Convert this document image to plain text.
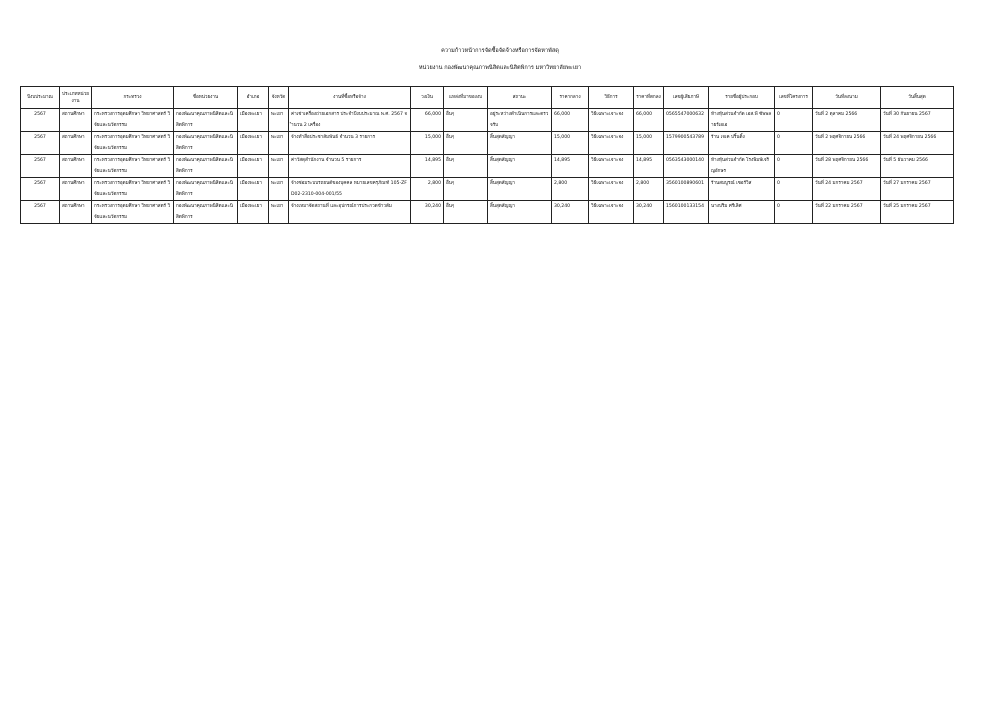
ความก้าวหน้าการจัดซื้อจัดจ้างหรือการจัดหาพัสดุ
หน่วยงาน กองพัฒนาคุณภาพนิสิตและนิสิตพิการ มหาวิทยาลัยพะเยา
ปีงบประมาณ	ประเภทหน่วยงาน	กระทรวง	ชื่อหน่วยงาน	อำเภอ	จังหวัด	งานที่ซื้อหรือจ้าง	วงเงิน	แหล่งที่มาของงบ	สถานะ	ราคากลาง	วิธีการ	ราคาที่ตกลง	เลขผู้เสียภาษี	รายชื่อผู้ประกอบ	เลขที่โครงการ	วันที่ลงนาม	วันสิ้นสุด
2567	สถานศึกษา	กระทรวงการอุดมศึกษา วิทยาศาสตร์ วิจัยและนวัตกรรม	กองพัฒนาคุณภาพนิสิตและนิสิตพิการ	เมืองพะเยา	พะเยา	ค่าเช่าเครื่องถ่ายเอกสาร ประจำปีงบประมาณ พ.ศ. 2567 จำนวน 2 เครื่อง	66,000	อื่นๆ	อยู่ระหว่างดำเนินการและตรวจรับ	66,000	วิธีเฉพาะเจาะจง	66,000	0565547000632	ห้างหุ้นส่วนจำกัด เอส.พี ซัพพลายร์เอเอ	0	วันที่ 2 ตุลาคม 2566	วันที่ 30 กันยายน 2567
2567	สถานศึกษา	กระทรวงการอุดมศึกษา วิทยาศาสตร์ วิจัยและนวัตกรรม	กองพัฒนาคุณภาพนิสิตและนิสิตพิการ	เมืองพะเยา	พะเยา	จ้างทำสื่อประชาสัมพันธ์ จำนวน 3 รายการ	15,000	อื่นๆ	สิ้นสุดสัญญา	15,000	วิธีเฉพาะเจาะจง	15,000	1579900543789	ร้าน เจเค ปริ้นติ้ง	0	วันที่ 2 พฤศจิกายน 2566	วันที่ 24 พฤศจิกายน 2566
2567	สถานศึกษา	กระทรวงการอุดมศึกษา วิทยาศาสตร์ วิจัยและนวัตกรรม	กองพัฒนาคุณภาพนิสิตและนิสิตพิการ	เมืองพะเยา	พะเยา	ค่าวัสดุสำนักงาน จำนวน 5 รายการ	14,895	อื่นๆ	สิ้นสุดสัญญา	14,895	วิธีเฉพาะเจาะจง	14,895	0563543000140	ห้างหุ้นส่วนจำกัด โรงพิมพ์เจริญอักษร	0	วันที่ 28 พฤศจิกายน 2566	วันที่ 5 ธันวาคม 2566
2567	สถานศึกษา	กระทรวงการอุดมศึกษา วิทยาศาสตร์ วิจัยและนวัตกรรม	กองพัฒนาคุณภาพนิสิตและนิสิตพิการ	เมืองพะเยา	พะเยา	จ้างซ่อมระบบรถยนต์ของบุคคล หมายเลขครุภัณฑ์ 105-ZFD02-2310-004-001/55	2,800	อื่นๆ	สิ้นสุดสัญญา	2,800	วิธีเฉพาะเจาะจง	2,800	3560100890601	ร้านสมบูรณ์ เซอร์วิส	0	วันที่ 24 มกราคม 2567	วันที่ 27 มกราคม 2567
2567	สถานศึกษา	กระทรวงการอุดมศึกษา วิทยาศาสตร์ วิจัยและนวัตกรรม	กองพัฒนาคุณภาพนิสิตและนิสิตพิการ	เมืองพะเยา	พะเยา	จ้างเหมาจัดสถานที่ และอุปกรณ์การประกวดข้าวต้ม	30,240	อื่นๆ	สิ้นสุดสัญญา	30,240	วิธีเฉพาะเจาะจง	30,240	1560100133154	นางปริม ศรีเลิศ	0	วันที่ 22 มกราคม 2567	วันที่ 25 มกราคม 2567
